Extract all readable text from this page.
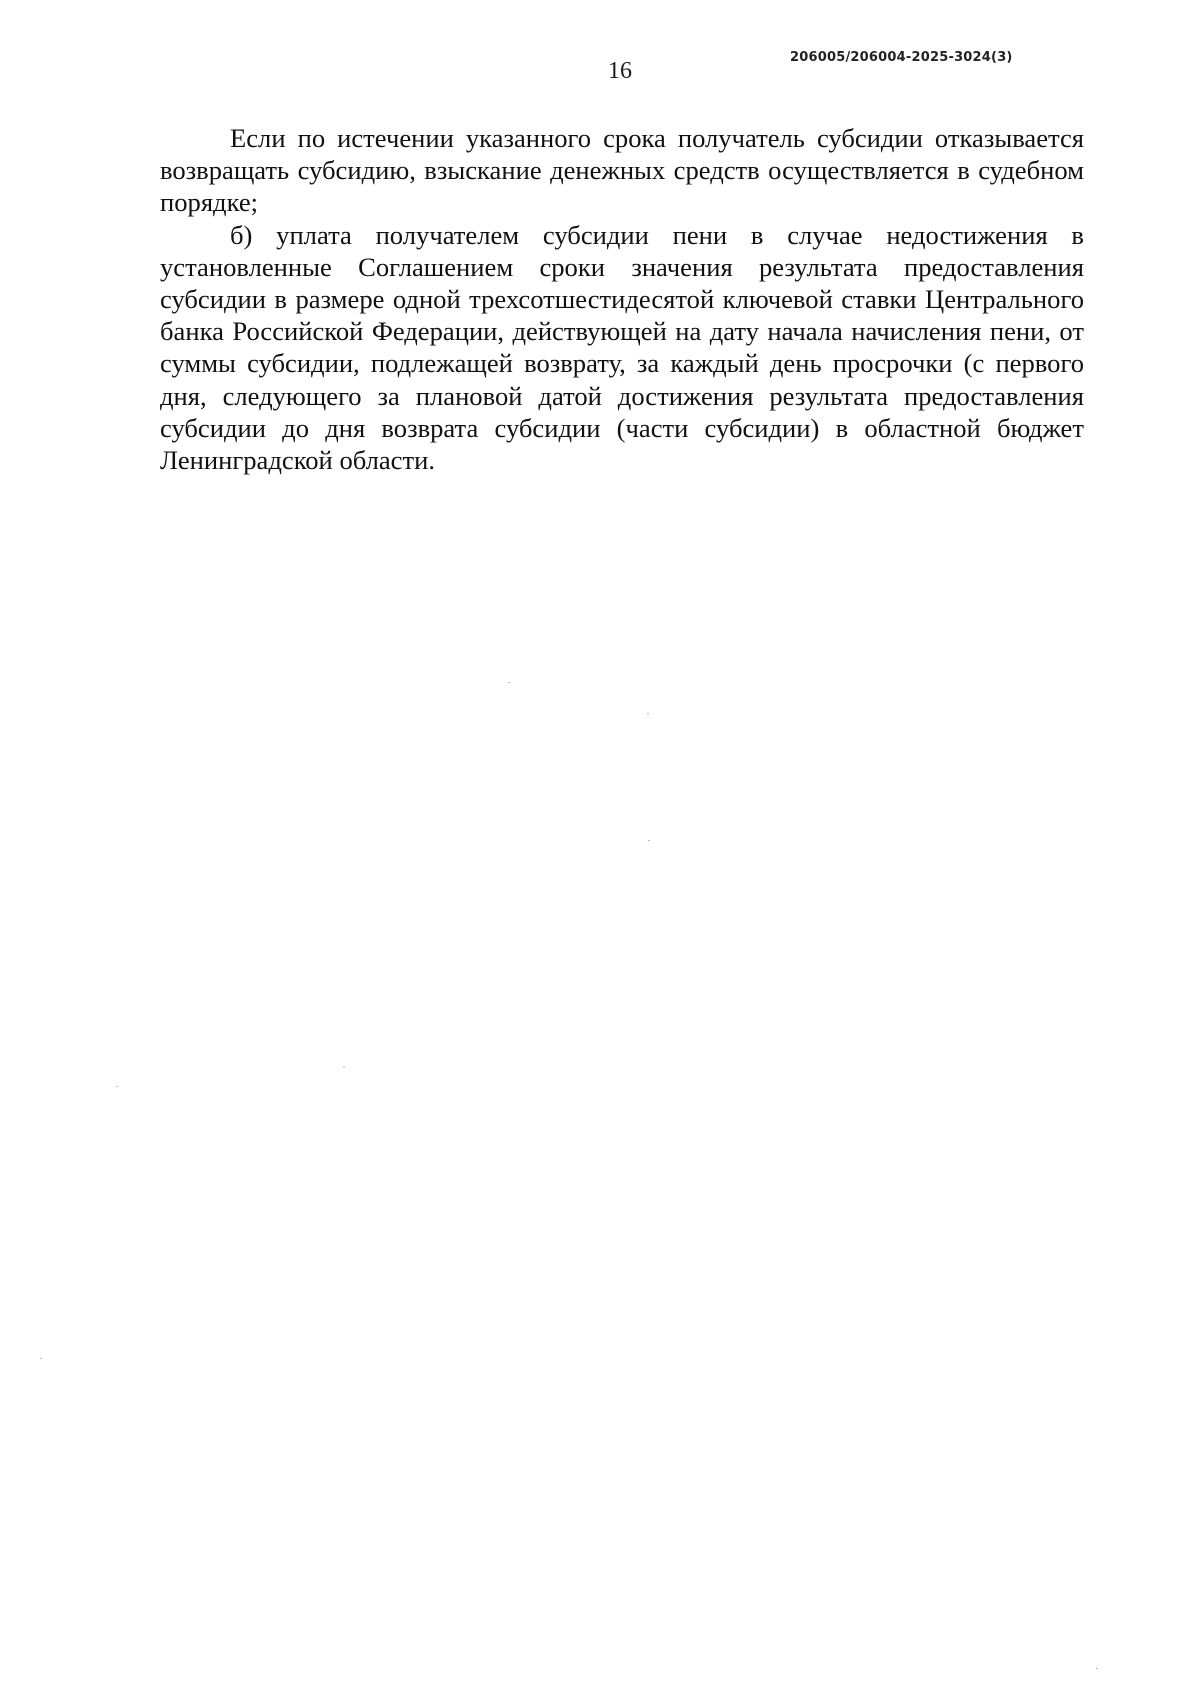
16
206005/206004-2025-3024(3)

Если по истечении указанного срока получатель субсидии отказывается возвращать субсидию, взыскание денежных средств осуществляется в судебном порядке;

б) уплата получателем субсидии пени в случае недостижения в установленные Соглашением сроки значения результата предоставления субсидии в размере одной трехсотшестидесятой ключевой ставки Центрального банка Российской Федерации, действующей на дату начала начисления пени, от суммы субсидии, подлежащей возврату, за каждый день просрочки (с первого дня, следующего за плановой датой достижения результата предоставления субсидии до дня возврата субсидии (части субсидии) в областной бюджет Ленинградской области.
